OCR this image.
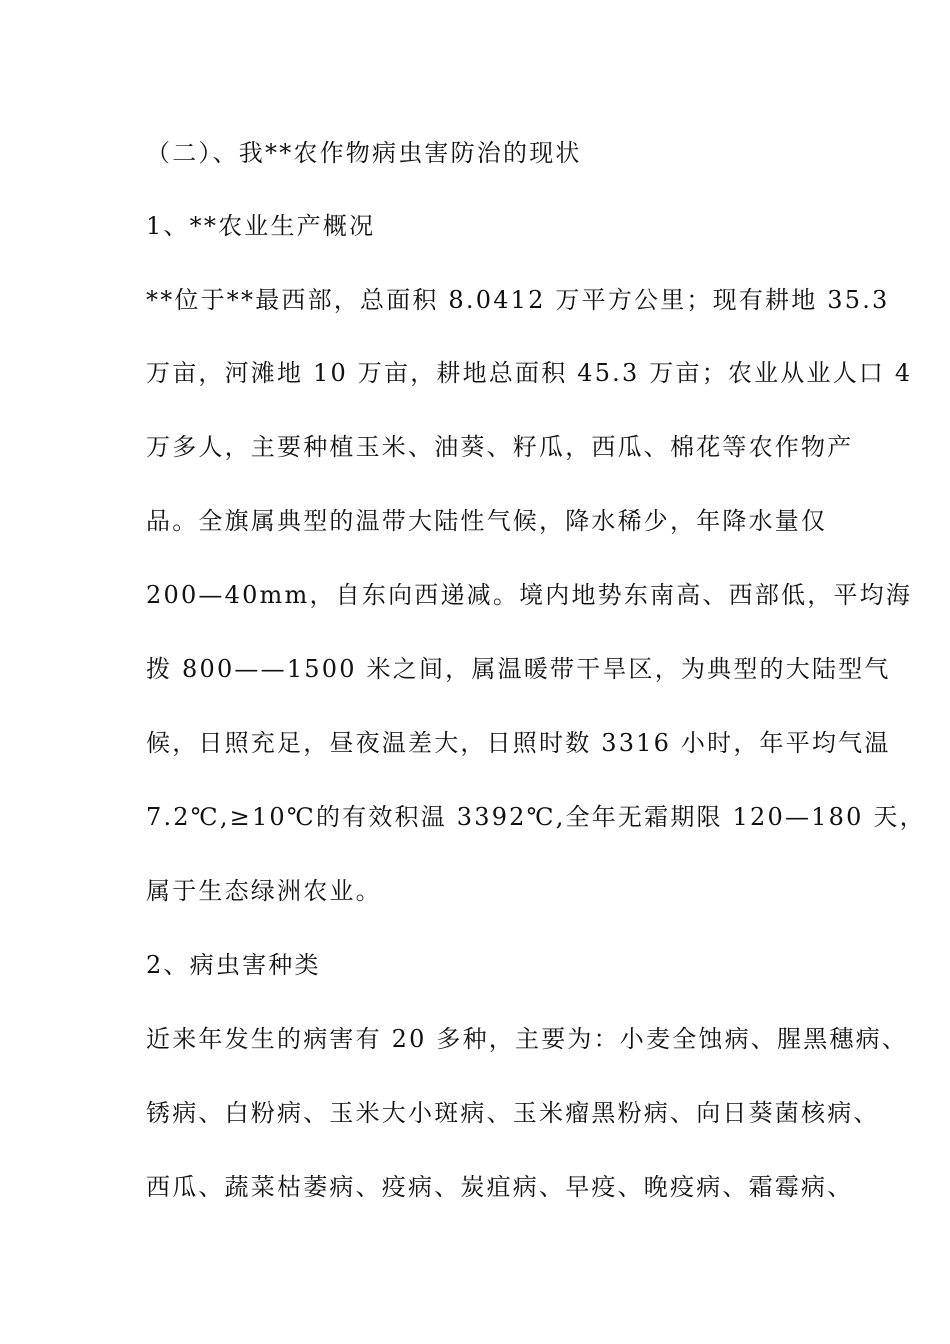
（二）、我**农作物病虫害防治的现状
1、**农业生产概况
**位于**最西部，总面积 8.0412 万平方公里；现有耕地 35.3
万亩，河滩地 10 万亩，耕地总面积 45.3 万亩；农业从业人口 4
万多人，主要种植玉米、油葵、籽瓜，西瓜、棉花等农作物产
品。全旗属典型的温带大陆性气候，降水稀少，年降水量仅
200—40mm，自东向西递减。境内地势东南高、西部低，平均海
拨 800——1500 米之间，属温暖带干旱区，为典型的大陆型气
候，日照充足，昼夜温差大，日照时数 3316 小时，年平均气温
7.2℃,≥10℃的有效积温 3392℃,全年无霜期限 120—180 天，
属于生态绿洲农业。
2、病虫害种类
近来年发生的病害有 20 多种，主要为：小麦全蚀病、腥黑穗病、
锈病、白粉病、玉米大小斑病、玉米瘤黑粉病、向日葵菌核病、
西瓜、蔬菜枯萎病、疫病、炭疽病、早疫、晚疫病、霜霉病、
